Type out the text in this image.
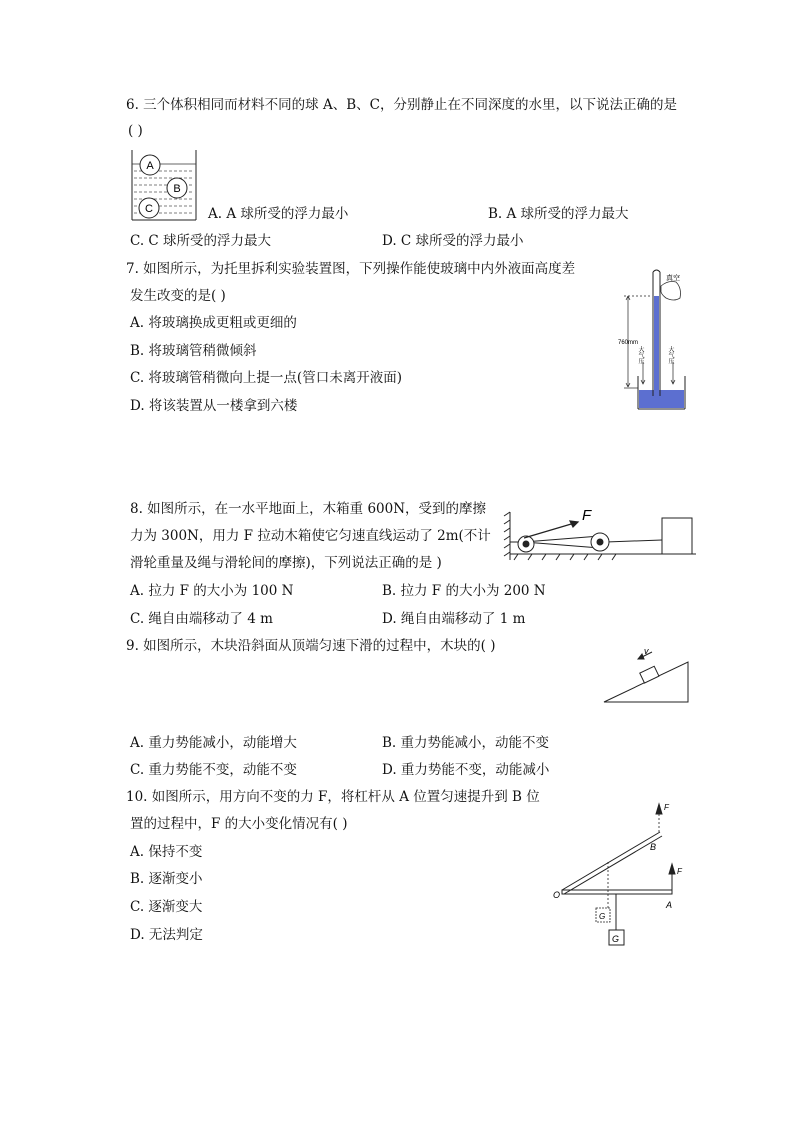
6. 三个体积相同而材料不同的球 A、B、C，分别静止在不同深度的水里，以下说法正确的是
( )
A
B
C	A. A 球所受的浮力最小	B. A 球所受的浮力最大
C. C 球所受的浮力最大	D. C 球所受的浮力最小
7. 如图所示，为托里拆利实验装置图，下列操作能使玻璃中内外液面高度差
发生改变的是( )
A. 将玻璃换成更粗或更细的
B. 将玻璃管稍微倾斜
C. 将玻璃管稍微向上提一点(管口未离开液面)
D. 将该装置从一楼拿到六楼
真空
760mm
大气压	大气压
8. 如图所示，在一水平地面上，木箱重 600N，受到的摩擦
力为 300N，用力 F 拉动木箱使它匀速直线运动了 2m(不计
滑轮重量及绳与滑轮间的摩擦)，下列说法正确的是 )
F
A. 拉力 F 的大小为 100 N	B. 拉力 F 的大小为 200 N
C. 绳自由端移动了 4 m	D. 绳自由端移动了 1 m
9. 如图所示，木块沿斜面从顶端匀速下滑的过程中，木块的( )	v
A. 重力势能减小，动能增大	B. 重力势能减小，动能不变
C. 重力势能不变，动能不变	D. 重力势能不变，动能减小
10. 如图所示，用方向不变的力 F，将杠杆从 A 位置匀速提升到 B 位
置的过程中，F 的大小变化情况有( )
A. 保持不变
B. 逐渐变小
C. 逐渐变大
D. 无法判定
F
F
O
A
B
G
G
